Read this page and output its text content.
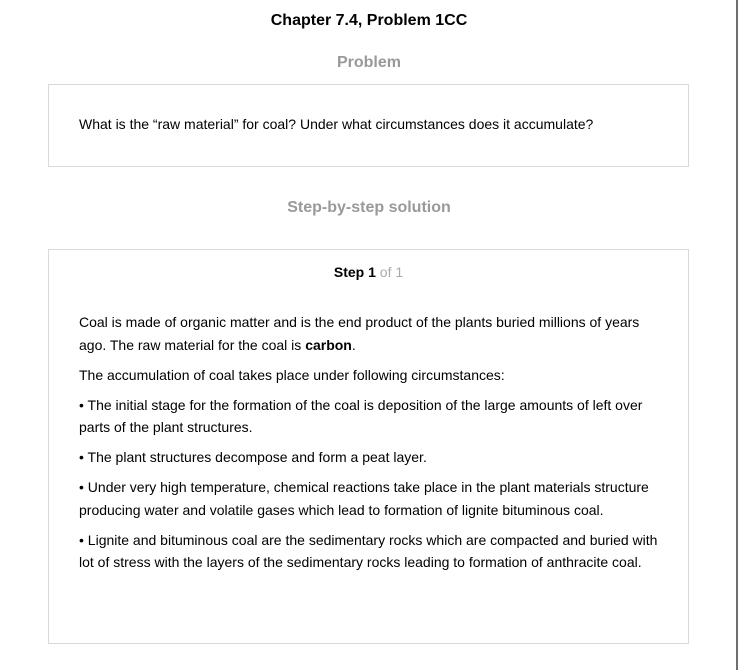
Chapter 7.4, Problem 1CC
Problem
What is the “raw material” for coal? Under what circumstances does it accumulate?
Step-by-step solution
Step 1 of 1

Coal is made of organic matter and is the end product of the plants buried millions of years ago. The raw material for the coal is carbon.

The accumulation of coal takes place under following circumstances:

• The initial stage for the formation of the coal is deposition of the large amounts of left over parts of the plant structures.

• The plant structures decompose and form a peat layer.

• Under very high temperature, chemical reactions take place in the plant materials structure producing water and volatile gases which lead to formation of lignite bituminous coal.

• Lignite and bituminous coal are the sedimentary rocks which are compacted and buried with lot of stress with the layers of the sedimentary rocks leading to formation of anthracite coal.
